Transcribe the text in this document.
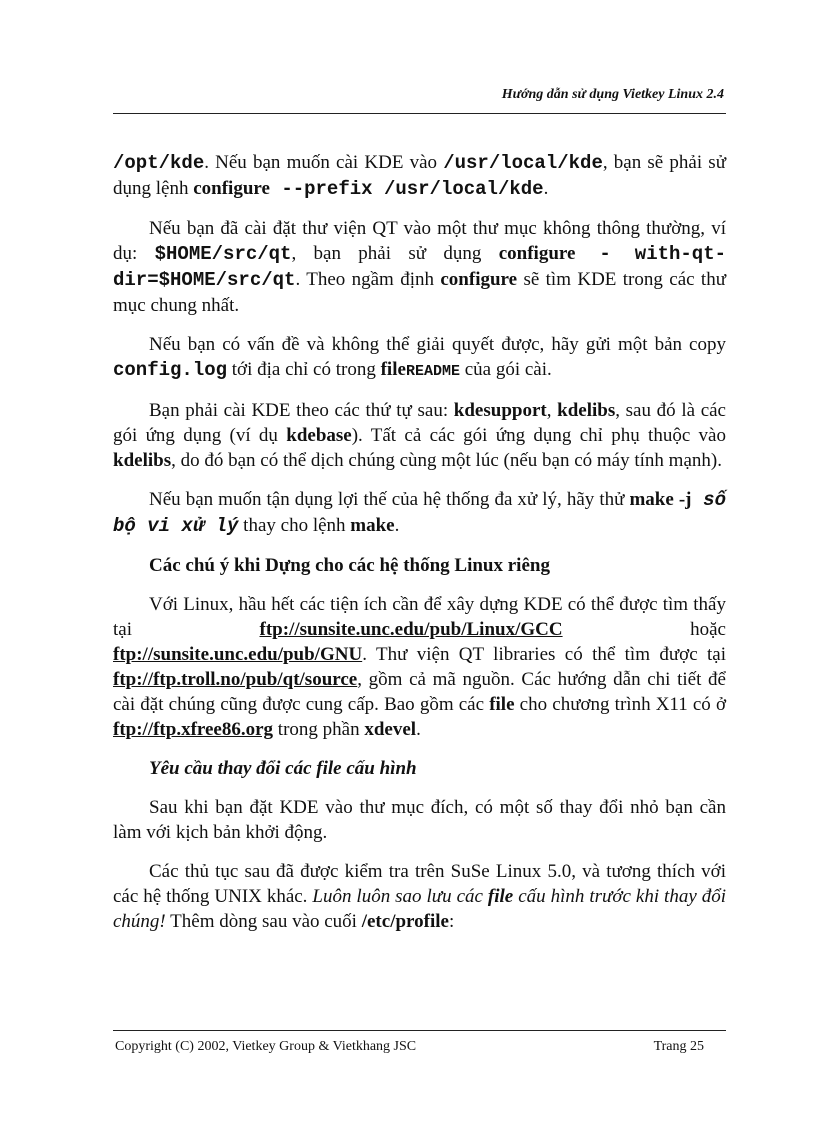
Hướng dẫn sử dụng Vietkey Linux 2.4

/opt/kde. Nếu bạn muốn cài KDE vào /usr/local/kde, bạn sẽ phải sử dụng lệnh configure --prefix /usr/local/kde.

Nếu bạn đã cài đặt thư viện QT vào một thư mục không thông thường, ví dụ: $HOME/src/qt, bạn phải sử dụng configure - with-qt-dir=$HOME/src/qt. Theo ngầm định configure sẽ tìm KDE trong các thư mục chung nhất.

Nếu bạn có vấn đề và không thể giải quyết được, hãy gửi một bản copy config.log tới địa chỉ có trong fileREADME của gói cài.

Bạn phải cài KDE theo các thứ tự sau: kdesupport, kdelibs, sau đó là các gói ứng dụng (ví dụ kdebase). Tất cả các gói ứng dụng chỉ phụ thuộc vào kdelibs, do đó bạn có thể dịch chúng cùng một lúc (nếu bạn có máy tính mạnh).

Nếu bạn muốn tận dụng lợi thế của hệ thống đa xử lý, hãy thử make -j số bộ vi xử lý thay cho lệnh make.

Các chú ý khi Dựng cho các hệ thống Linux riêng

Với Linux, hầu hết các tiện ích cần để xây dựng KDE có thể được tìm thấy tại ftp://sunsite.unc.edu/pub/Linux/GCC hoặc ftp://sunsite.unc.edu/pub/GNU. Thư viện QT libraries có thể tìm được tại ftp://ftp.troll.no/pub/qt/source, gồm cả mã nguồn. Các hướng dẫn chi tiết để cài đặt chúng cũng được cung cấp. Bao gồm các file cho chương trình X11 có ở ftp://ftp.xfree86.org trong phần xdevel.

Yêu cầu thay đổi các file cấu hình

Sau khi bạn đặt KDE vào thư mục đích, có một số thay đổi nhỏ bạn cần làm với kịch bản khởi động.

Các thủ tục sau đã được kiểm tra trên SuSe Linux 5.0, và tương thích với các hệ thống UNIX khác. Luôn luôn sao lưu các file cấu hình trước khi thay đổi chúng! Thêm dòng sau vào cuối /etc/profile:

Copyright (C) 2002, Vietkey Group & Vietkhang JSC	Trang 25
